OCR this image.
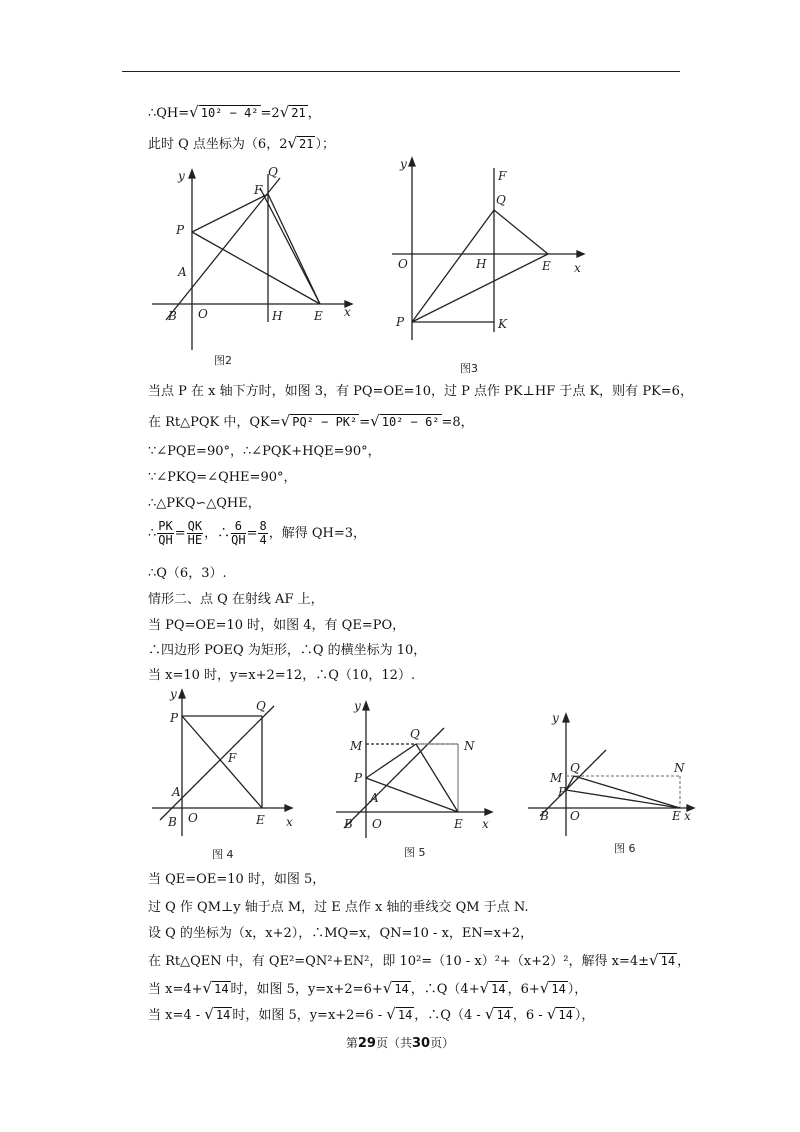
∴QH=√ 10² − 4² =2√ 21 ，
此时 Q 点坐标为（6，2√ 21 ）；
y
x
P
A
B O	H	E
Q
F
图2
y
x
F
Q
O	H	E
P	K
图3
当点 P 在 x 轴下方时，如图 3，有 PQ=OE=10，过 P 点作 PK⊥HF 于点 K，则有 PK=6，
在 Rt△PQK 中，QK=√ PQ² − PK² =√ 10² − 6² =8，
∵∠PQE=90°，∴∠PQK+HQE=90°，
∵∠PKQ=∠QHE=90°，
∴△PKQ∽△QHE，
∴ $\frac{PK}{QH} = \frac{QK}{HE}$ ，∴ $\frac{6}{QH} = \frac{8}{4}$ ，解得 QH=3，
∴Q（6，3）.
情形二、点 Q 在射线 AF 上，
当 PQ=OE=10 时，如图 4，有 QE=PO，
∴四边形 POEQ 为矩形，∴Q 的横坐标为 10，
当 x=10 时，y=x+2=12，∴Q（10，12）.
y
x
P
Q
F
A
B O	E
图 4
y
x
M
Q
N
P
A
B O	E
图 5
y
x
M
Q	N
P
B O	E
图 6
当 QE=OE=10 时，如图 5，
过 Q 作 QM⊥y 轴于点 M，过 E 点作 x 轴的垂线交 QM 于点 N.
设 Q 的坐标为（x，x+2），∴MQ=x，QN=10 - x，EN=x+2，
在 Rt△QEN 中，有 QE²=QN²+EN²，即 10²=（10 - x）²+（x+2）²，解得 x=4±√ 14 ，
当 x=4+√ 14 时，如图 5，y=x+2=6+√ 14 ，∴Q（4+√ 14 ，6+√ 14 ），
当 x=4 - √ 14 时，如图 5，y=x+2=6 - √ 14 ，∴Q（4 - √ 14 ，6 - √ 14 ），
第29页（共30页）
